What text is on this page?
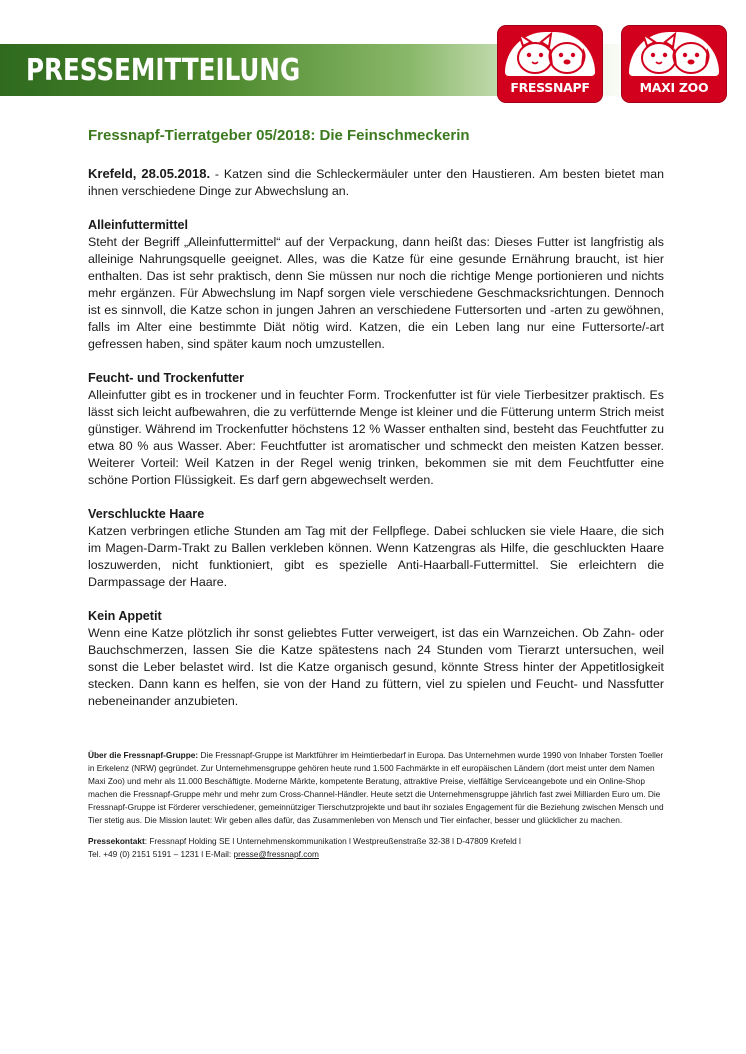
PRESSEMITTEILUNG	FRESSNAPF	MAXI ZOO
Fressnapf-Tierratgeber 05/2018: Die Feinschmeckerin

Krefeld, 28.05.2018. - Katzen sind die Schleckermäuler unter den Haustieren. Am besten bietet man ihnen verschiedene Dinge zur Abwechslung an.

Alleinfuttermittel

Steht der Begriff „Alleinfuttermittel“ auf der Verpackung, dann heißt das: Dieses Futter ist langfristig als alleinige Nahrungsquelle geeignet. Alles, was die Katze für eine gesunde Ernährung braucht, ist hier enthalten. Das ist sehr praktisch, denn Sie müssen nur noch die richtige Menge portionieren und nichts mehr ergänzen. Für Abwechslung im Napf sorgen viele verschiedene Geschmacksrichtungen. Dennoch ist es sinnvoll, die Katze schon in jungen Jahren an verschiedene Futtersorten und -arten zu gewöhnen, falls im Alter eine bestimmte Diät nötig wird. Katzen, die ein Leben lang nur eine Futtersorte/-art gefressen haben, sind später kaum noch umzustellen.

Feucht- und Trockenfutter

Alleinfutter gibt es in trockener und in feuchter Form. Trockenfutter ist für viele Tierbesitzer praktisch. Es lässt sich leicht aufbewahren, die zu verfütternde Menge ist kleiner und die Fütterung unterm Strich meist günstiger. Während im Trockenfutter höchstens 12 % Wasser enthalten sind, besteht das Feuchtfutter zu etwa 80 % aus Wasser. Aber: Feuchtfutter ist aromatischer und schmeckt den meisten Katzen besser. Weiterer Vorteil: Weil Katzen in der Regel wenig trinken, bekommen sie mit dem Feuchtfutter eine schöne Portion Flüssigkeit. Es darf gern abgewechselt werden.

Verschluckte Haare

Katzen verbringen etliche Stunden am Tag mit der Fellpflege. Dabei schlucken sie viele Haare, die sich im Magen-Darm-Trakt zu Ballen verkleben können. Wenn Katzengras als Hilfe, die geschluckten Haare loszuwerden, nicht funktioniert, gibt es spezielle Anti-Haarball-Futtermittel. Sie erleichtern die Darmpassage der Haare.

Kein Appetit

Wenn eine Katze plötzlich ihr sonst geliebtes Futter verweigert, ist das ein Warnzeichen. Ob Zahn- oder Bauchschmerzen, lassen Sie die Katze spätestens nach 24 Stunden vom Tierarzt untersuchen, weil sonst die Leber belastet wird. Ist die Katze organisch gesund, könnte Stress hinter der Appetitlosigkeit stecken. Dann kann es helfen, sie von der Hand zu füttern, viel zu spielen und Feucht- und Nassfutter nebeneinander anzubieten.

Über die Fressnapf-Gruppe: Die Fressnapf-Gruppe ist Marktführer im Heimtierbedarf in Europa. Das Unternehmen wurde 1990 von Inhaber Torsten Toeller in Erkelenz (NRW) gegründet. Zur Unternehmensgruppe gehören heute rund 1.500 Fachmärkte in elf europäischen Ländern (dort meist unter dem Namen Maxi Zoo) und mehr als 11.000 Beschäftigte. Moderne Märkte, kompetente Beratung, attraktive Preise, vielfältige Serviceangebote und ein Online-Shop machen die Fressnapf-Gruppe mehr und mehr zum Cross-Channel-Händler. Heute setzt die Unternehmensgruppe jährlich fast zwei Milliarden Euro um. Die Fressnapf-Gruppe ist Förderer verschiedener, gemeinnütziger Tierschutzprojekte und baut ihr soziales Engagement für die Beziehung zwischen Mensch und Tier stetig aus. Die Mission lautet: Wir geben alles dafür, das Zusammenleben von Mensch und Tier einfacher, besser und glücklicher zu machen.

Pressekontakt: Fressnapf Holding SE l Unternehmenskommunikation l Westpreußenstraße 32-38 l D-47809 Krefeld l
Tel. +49 (0) 2151 5191 – 1231 l E-Mail: presse@fressnapf.com
